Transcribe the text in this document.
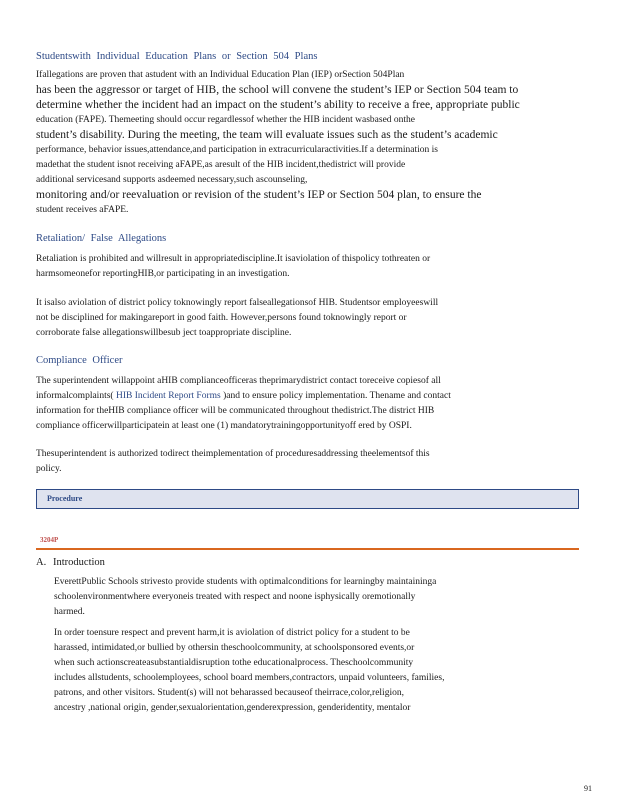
Studentswith Individual Education Plans or Section 504 Plans
Ifallegations are proven that astudent with an Individual Education Plan (IEP) orSection 504Plan
has been the aggressor or target of HIB, the school will convene the student’s IEP or Section 504 team to
determine whether the incident had an impact on the student’s ability to receive a free, appropriate public
education (FAPE). Themeeting should occur regardlessof whether the HIB incident wasbased onthe
student’s disability. During the meeting, the team will evaluate issues such as the student’s academic
performance, behavior issues,attendance,and participation in extracurricularactivities.If a determination is
madethat the student isnot receiving aFAPE,as aresult of the HIB incident,thedistrict will provide
additional servicesand supports asdeemed necessary,such ascounseling,
monitoring and/or reevaluation or revision of the student’s IEP or Section 504 plan, to ensure the
student receives aFAPE.
Retaliation/ False Allegations
Retaliation is prohibited and willresult in appropriatediscipline.It isaviolation of thispolicy tothreaten or
harmsomeonefor reportingHIB,or participating in an investigation.
It isalso aviolation of district policy toknowingly report falseallegationsof HIB. Studentsor employeeswill
not be disciplined for makingareport in good faith. However,persons found toknowingly report or
corroborate false allegationswillbesub ject toappropriate discipline.
Compliance Officer
The superintendent willappoint aHIB complianceofficeras theprimarydistrict contact toreceive copiesof all
informalcomplaints( HIB Incident Report Forms )and to ensure policy implementation. Thename and contact
information for theHIB compliance officer will be communicated throughout thedistrict.The district HIB
compliance officerwillparticipatein at least one (1) mandatorytrainingopportunityoff ered by OSPI.
Thesuperintendent is authorized todirect theimplementation of proceduresaddressing theelementsof this
policy.
Procedure
3204P
A. Introduction
EverettPublic Schools strivesto provide students with optimalconditions for learningby maintaininga
schoolenvironmentwhere everyoneis treated with respect and noone isphysically oremotionally
harmed.
In order toensure respect and prevent harm,it is aviolation of district policy for a student to be
harassed, intimidated,or bullied by othersin theschoolcommunity, at schoolsponsored events,or
when such actionscreateasubstantialdisruption tothe educationalprocess. Theschoolcommunity
includes allstudents, schoolemployees, school board members,contractors, unpaid volunteers, families,
patrons, and other visitors. Student(s) will not beharassed becauseof theirrace,color,religion,
ancestry ,national origin, gender,sexualorientation,genderexpression, genderidentity, mentalor
91
